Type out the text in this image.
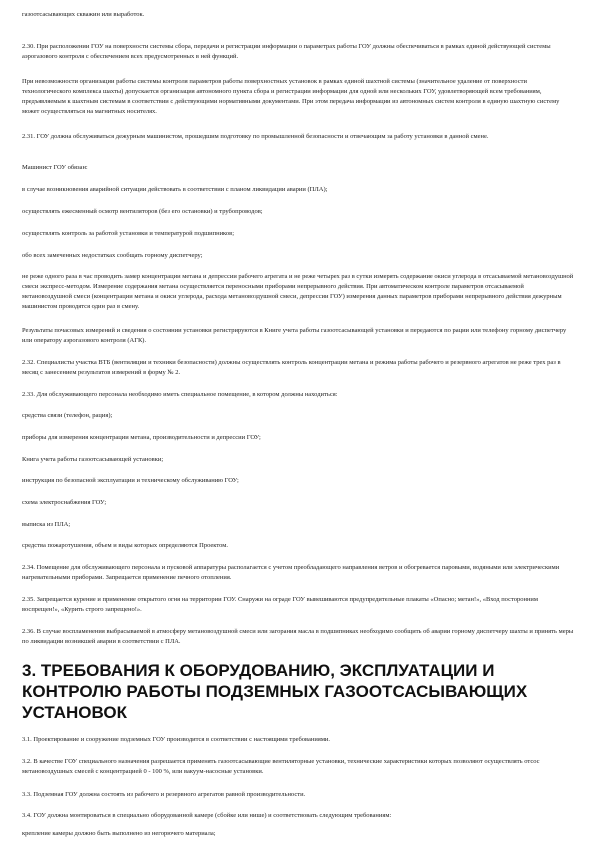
газоотсасывающих скважин или выработок.

2.30. При расположении ГОУ на поверхности системы сбора, передачи и регистрации информации о параметрах работы ГОУ должны обеспечиваться в рамках единой действующей системы аэрогазового контроля с обеспечением всех предусмотренных в ней функций.

При невозможности организации работы системы контроля параметров работы поверхностных установок в рамках единой шахтной системы (значительное удаление от поверхности технологического комплекса шахты) допускается организация автономного пункта сбора и регистрации информации для одной или нескольких ГОУ, удовлетворяющей всем требованиям, предъявляемым к шахтным системам в соответствии с действующими нормативными документами. При этом передача информации из автономных систем контроля в единую шахтную систему может осуществляться на магнитных носителях.

2.31. ГОУ должна обслуживаться дежурным машинистом, прошедшим подготовку по промышленной безопасности и отвечающим за работу установки в данной смене.

Машинист ГОУ обязан:

в случае возникновения аварийной ситуации действовать в соответствии с планом ликвидации аварии (ПЛА);

осуществлять ежесменный осмотр вентиляторов (без его остановки) и трубопроводов;

осуществлять контроль за работой установки и температурой подшипников;

обо всех замеченных недостатках сообщать горному диспетчеру;

не реже одного раза в час проводить замер концентрации метана и депрессии рабочего агрегата и не реже четырех раз в сутки измерять содержание окиси углерода в отсасываемой метановоздушной смеси экспресс-методом. Измерение содержания метана осуществляется переносными приборами непрерывного действия. При автоматическом контроле параметров отсасываемой метановоздушной смеси (концентрации метана и окиси углерода, расхода метановоздушной смеси, депрессии ГОУ) измерения данных параметров приборами непрерывного действия дежурным машинистом проводятся один раз в смену.

Результаты почасовых измерений и сведения о состоянии установки регистрируются в Книге учета работы газоотсасывающей установки и передаются по рации или телефону горному диспетчеру или оператору аэрогазового контроля (АГК).

2.32. Специалисты участка ВТБ (вентиляции и техники безопасности) должны осуществлять контроль концентрации метана и режима работы рабочего и резервного агрегатов не реже трех раз в месяц с занесением результатов измерений в форму № 2.

2.33. Для обслуживающего персонала необходимо иметь специальное помещение, в котором должны находиться:

средства связи (телефон, рация);

приборы для измерения концентрации метана, производительности и депрессии ГОУ;

Книга учета работы газоотсасывающей установки;

инструкция по безопасной эксплуатации и техническому обслуживанию ГОУ;

схема электроснабжения ГОУ;

выписка из ПЛА;

средства пожаротушения, объем и виды которых определяются Проектом.

2.34. Помещение для обслуживающего персонала и пусковой аппаратуры располагается с учетом преобладающего направления ветров и обогревается паровыми, водяными или электрическими нагревательными приборами. Запрещается применение печного отопления.

2.35. Запрещается курение и применение открытого огня на территории ГОУ. Снаружи на ограде ГОУ вывешиваются предупредительные плакаты «Опасно; метан!», «Вход посторонним воспрещен!», «Курить строго запрещено!».

2.36. В случае воспламенения выбрасываемой в атмосферу метановоздушной смеси или загорания масла в подшипниках необходимо сообщить об аварии горному диспетчеру шахты и принять меры по ликвидации возникшей аварии в соответствии с ПЛА.

3. ТРЕБОВАНИЯ К ОБОРУДОВАНИЮ, ЭКСПЛУАТАЦИИ И КОНТРОЛЮ РАБОТЫ ПОДЗЕМНЫХ ГАЗООТСАСЫВАЮЩИХ УСТАНОВОК

3.1. Проектирование и сооружение подземных ГОУ производится в соответствии с настоящими требованиями.

3.2. В качестве ГОУ специального назначения разрешается применять газоотсасывающие вентиляторные установки, технические характеристики которых позволяют осуществлять отсос метановоздушных смесей с концентрацией 0 - 100 %, или вакуум-насосные установки.

3.3. Подземная ГОУ должна состоять из рабочего и резервного агрегатов равной производительности.

3.4. ГОУ должна монтироваться в специально оборудованной камере (сбойке или нише) и соответствовать следующим требованиям:

крепление камеры должно быть выполнено из негорючего материала;
